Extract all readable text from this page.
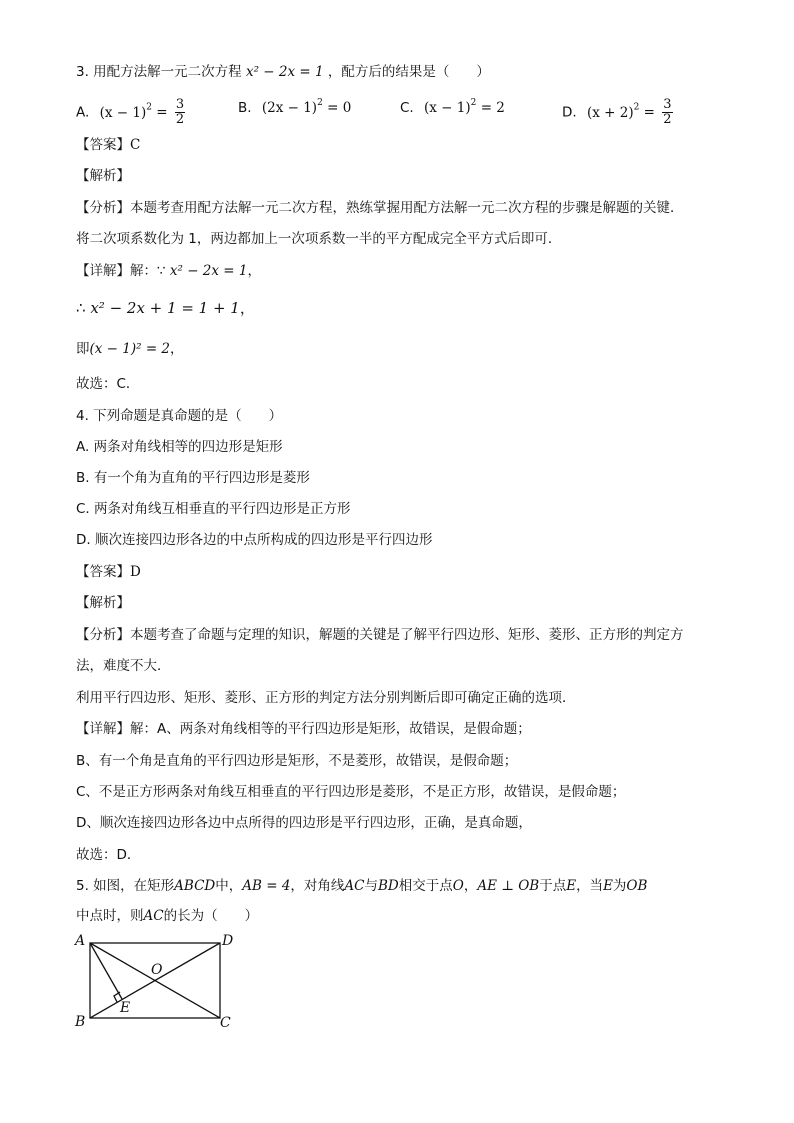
3. 用配方法解一元二次方程 x² − 2x = 1 ，配方后的结果是（　　）
A. $(x - 1)^2 = \frac{3}{2}$	B. $(2x - 1)^2 = 0$	C. $(x - 1)^2 = 2$	D. $(x + 2)^2 = \frac{3}{2}$
【答案】C
【解析】
【分析】本题考查用配方法解一元二次方程，熟练掌握用配方法解一元二次方程的步骤是解题的关键．
将二次项系数化为 1，两边都加上一次项系数一半的平方配成完全平方式后即可．
【详解】解：∵ x² − 2x = 1，
∴ x² − 2x + 1 = 1 + 1，
即(x − 1)² = 2，
故选：C．
4. 下列命题是真命题的是（　　）
A. 两条对角线相等的四边形是矩形
B. 有一个角为直角的平行四边形是菱形
C. 两条对角线互相垂直的平行四边形是正方形
D. 顺次连接四边形各边的中点所构成的四边形是平行四边形
【答案】D
【解析】
【分析】本题考查了命题与定理的知识，解题的关键是了解平行四边形、矩形、菱形、正方形的判定方
法，难度不大．
利用平行四边形、矩形、菱形、正方形的判定方法分别判断后即可确定正确的选项．
【详解】解：A、两条对角线相等的平行四边形是矩形，故错误，是假命题；
B、有一个角是直角的平行四边形是矩形，不是菱形，故错误，是假命题；
C、不是正方形两条对角线互相垂直的平行四边形是菱形，不是正方形，故错误，是假命题；
D、顺次连接四边形各边中点所得的四边形是平行四边形，正确，是真命题，
故选：D．
5. 如图，在矩形ABCD中，AB = 4，对角线AC与BD相交于点O，AE ⊥ OB于点E，当E为OB
中点时，则AC的长为（　　）
A	D
B	C
O
E
